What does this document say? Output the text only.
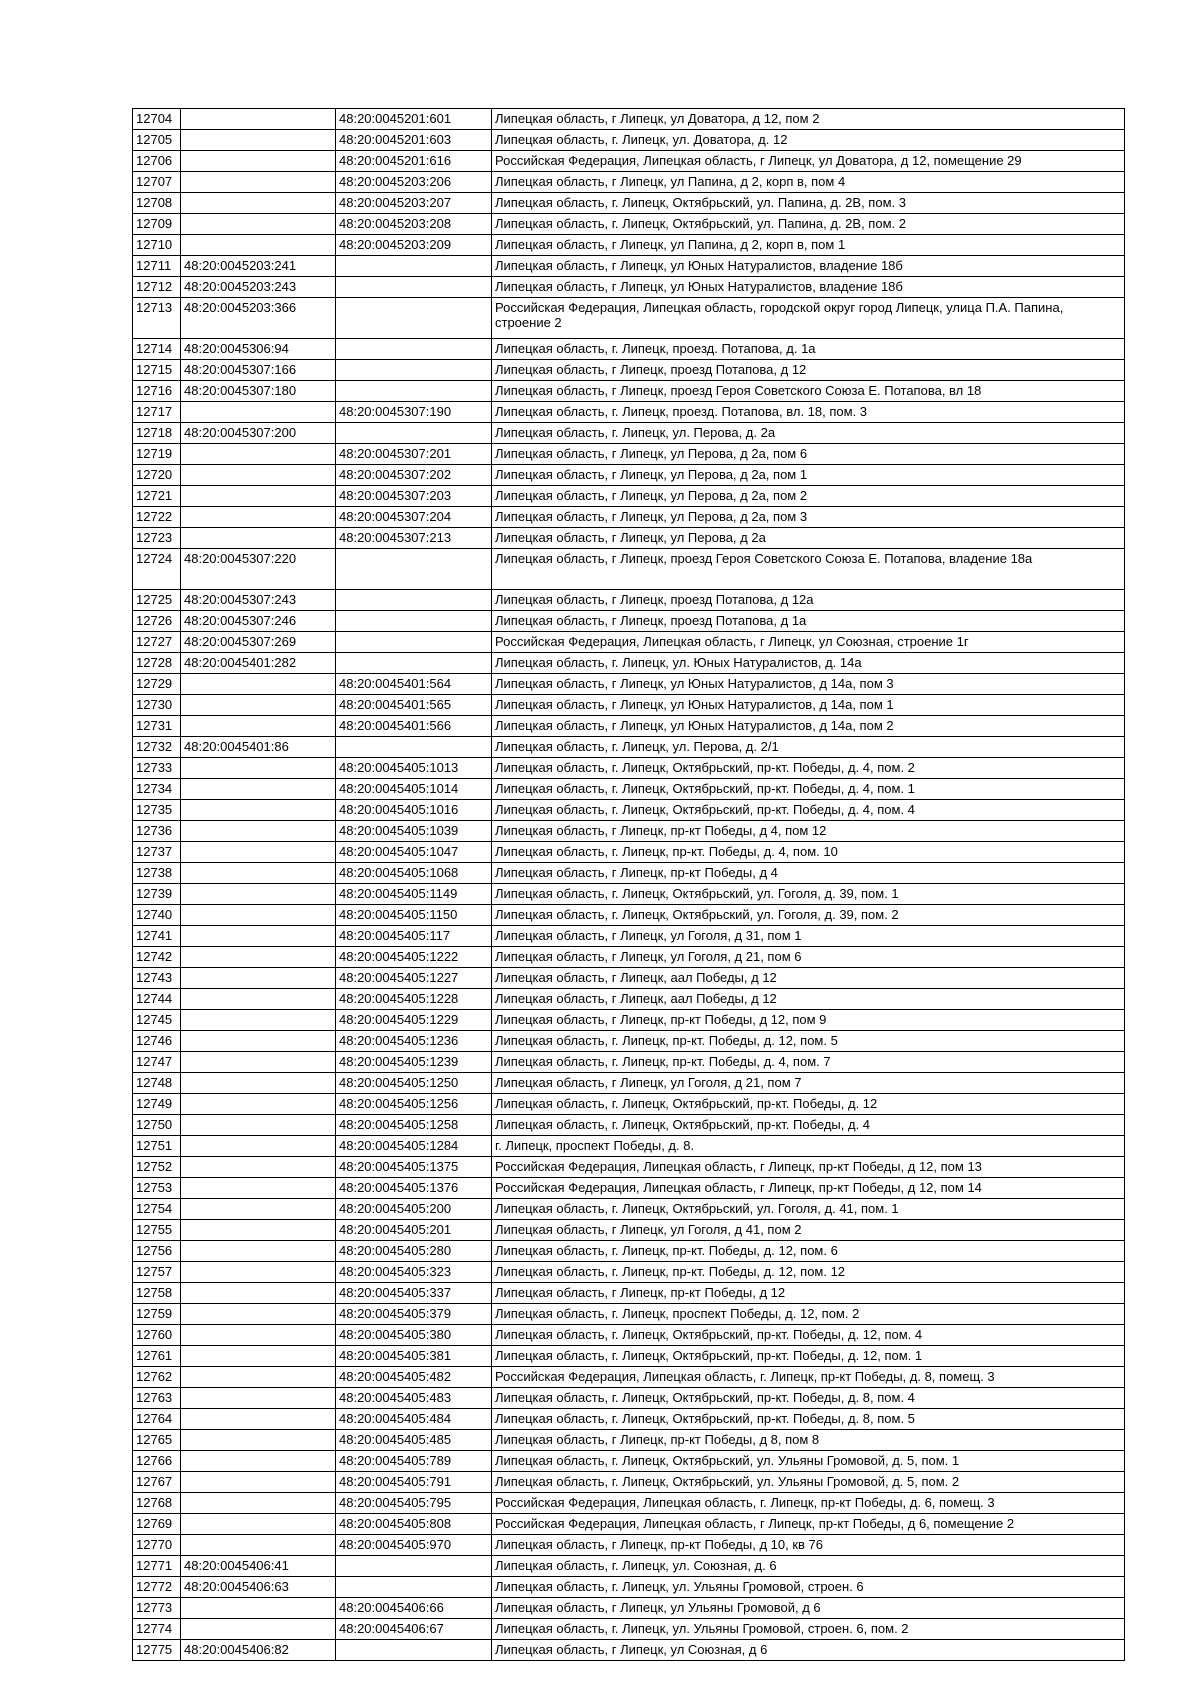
12704		48:20:0045201:601	Липецкая область, г Липецк, ул Доватора, д 12, пом 2
12705		48:20:0045201:603	Липецкая область, г. Липецк, ул. Доватора, д. 12
12706		48:20:0045201:616	Российская Федерация, Липецкая область, г Липецк, ул Доватора, д 12, помещение 29
12707		48:20:0045203:206	Липецкая область, г Липецк, ул Папина, д 2, корп в, пом 4
12708		48:20:0045203:207	Липецкая область, г. Липецк, Октябрьский, ул. Папина, д. 2В, пом. 3
12709		48:20:0045203:208	Липецкая область, г. Липецк, Октябрьский, ул. Папина, д. 2В, пом. 2
12710		48:20:0045203:209	Липецкая область, г Липецк, ул Папина, д 2, корп в, пом 1
12711	48:20:0045203:241		Липецкая область, г Липецк, ул Юных Натуралистов, владение 18б
12712	48:20:0045203:243		Липецкая область, г Липецк, ул Юных Натуралистов, владение 18б
12713	48:20:0045203:366		Российская Федерация, Липецкая область, городской округ город Липецк, улица П.А. Папина, строение 2
12714	48:20:0045306:94		Липецкая область, г. Липецк, проезд. Потапова, д. 1а
12715	48:20:0045307:166		Липецкая область, г Липецк, проезд Потапова, д 12
12716	48:20:0045307:180		Липецкая область, г Липецк, проезд Героя Советского Союза Е. Потапова, вл 18
12717		48:20:0045307:190	Липецкая область, г. Липецк, проезд. Потапова, вл. 18, пом. 3
12718	48:20:0045307:200		Липецкая область, г. Липецк, ул. Перова, д. 2а
12719		48:20:0045307:201	Липецкая область, г Липецк, ул Перова, д 2а, пом 6
12720		48:20:0045307:202	Липецкая область, г Липецк, ул Перова, д 2а, пом 1
12721		48:20:0045307:203	Липецкая область, г Липецк, ул Перова, д 2а, пом 2
12722		48:20:0045307:204	Липецкая область, г Липецк, ул Перова, д 2а, пом 3
12723		48:20:0045307:213	Липецкая область, г Липецк, ул Перова, д 2а
12724	48:20:0045307:220		Липецкая область, г Липецк, проезд Героя Советского Союза Е. Потапова, владение 18а
12725	48:20:0045307:243		Липецкая область, г Липецк, проезд Потапова, д 12а
12726	48:20:0045307:246		Липецкая область, г Липецк, проезд Потапова, д 1а
12727	48:20:0045307:269		Российская Федерация, Липецкая область, г Липецк, ул Союзная, строение 1г
12728	48:20:0045401:282		Липецкая область, г. Липецк, ул. Юных Натуралистов, д. 14а
12729		48:20:0045401:564	Липецкая область, г Липецк, ул Юных Натуралистов, д 14а, пом 3
12730		48:20:0045401:565	Липецкая область, г Липецк, ул Юных Натуралистов, д 14а, пом 1
12731		48:20:0045401:566	Липецкая область, г Липецк, ул Юных Натуралистов, д 14а, пом 2
12732	48:20:0045401:86		Липецкая область, г. Липецк, ул. Перова, д. 2/1
12733		48:20:0045405:1013	Липецкая область, г. Липецк, Октябрьский, пр-кт. Победы, д. 4, пом. 2
12734		48:20:0045405:1014	Липецкая область, г. Липецк, Октябрьский, пр-кт. Победы, д. 4, пом. 1
12735		48:20:0045405:1016	Липецкая область, г. Липецк, Октябрьский, пр-кт. Победы, д. 4, пом. 4
12736		48:20:0045405:1039	Липецкая область, г Липецк, пр-кт Победы, д 4, пом 12
12737		48:20:0045405:1047	Липецкая область, г. Липецк, пр-кт. Победы, д. 4, пом. 10
12738		48:20:0045405:1068	Липецкая область, г Липецк, пр-кт Победы, д 4
12739		48:20:0045405:1149	Липецкая область, г. Липецк, Октябрьский, ул. Гоголя, д. 39, пом. 1
12740		48:20:0045405:1150	Липецкая область, г. Липецк, Октябрьский, ул. Гоголя, д. 39, пом. 2
12741		48:20:0045405:117	Липецкая область, г Липецк, ул Гоголя, д 31, пом 1
12742		48:20:0045405:1222	Липецкая область, г Липецк, ул Гоголя, д 21, пом 6
12743		48:20:0045405:1227	Липецкая область, г Липецк, аал Победы, д 12
12744		48:20:0045405:1228	Липецкая область, г Липецк, аал Победы, д 12
12745		48:20:0045405:1229	Липецкая область, г Липецк, пр-кт Победы, д 12, пом 9
12746		48:20:0045405:1236	Липецкая область, г. Липецк, пр-кт. Победы, д. 12, пом. 5
12747		48:20:0045405:1239	Липецкая область, г. Липецк, пр-кт. Победы, д. 4, пом. 7
12748		48:20:0045405:1250	Липецкая область, г Липецк, ул Гоголя, д 21, пом 7
12749		48:20:0045405:1256	Липецкая область, г. Липецк, Октябрьский, пр-кт. Победы, д. 12
12750		48:20:0045405:1258	Липецкая область, г. Липецк, Октябрьский, пр-кт. Победы, д. 4
12751		48:20:0045405:1284	г. Липецк, проспект Победы, д. 8.
12752		48:20:0045405:1375	Российская Федерация, Липецкая область, г Липецк, пр-кт Победы, д 12, пом 13
12753		48:20:0045405:1376	Российская Федерация, Липецкая область, г Липецк, пр-кт Победы, д 12, пом 14
12754		48:20:0045405:200	Липецкая область, г. Липецк, Октябрьский, ул. Гоголя, д. 41, пом. 1
12755		48:20:0045405:201	Липецкая область, г Липецк, ул Гоголя, д 41, пом 2
12756		48:20:0045405:280	Липецкая область, г. Липецк, пр-кт. Победы, д. 12, пом. 6
12757		48:20:0045405:323	Липецкая область, г. Липецк, пр-кт. Победы, д. 12, пом. 12
12758		48:20:0045405:337	Липецкая область, г Липецк, пр-кт Победы, д 12
12759		48:20:0045405:379	Липецкая область, г. Липецк, проспект Победы, д. 12, пом. 2
12760		48:20:0045405:380	Липецкая область, г. Липецк, Октябрьский, пр-кт. Победы, д. 12, пом. 4
12761		48:20:0045405:381	Липецкая область, г. Липецк, Октябрьский, пр-кт. Победы, д. 12, пом. 1
12762		48:20:0045405:482	Российская Федерация, Липецкая область, г. Липецк, пр-кт Победы, д. 8, помещ. 3
12763		48:20:0045405:483	Липецкая область, г. Липецк, Октябрьский, пр-кт. Победы, д. 8, пом. 4
12764		48:20:0045405:484	Липецкая область, г. Липецк, Октябрьский, пр-кт. Победы, д. 8, пом. 5
12765		48:20:0045405:485	Липецкая область, г Липецк, пр-кт Победы, д 8, пом 8
12766		48:20:0045405:789	Липецкая область, г. Липецк, Октябрьский, ул. Ульяны Громовой, д. 5, пом. 1
12767		48:20:0045405:791	Липецкая область, г. Липецк, Октябрьский, ул. Ульяны Громовой, д. 5, пом. 2
12768		48:20:0045405:795	Российская Федерация, Липецкая область, г. Липецк, пр-кт Победы, д. 6, помещ. 3
12769		48:20:0045405:808	Российская Федерация, Липецкая область, г Липецк, пр-кт Победы, д 6, помещение 2
12770		48:20:0045405:970	Липецкая область, г Липецк, пр-кт Победы, д 10, кв 76
12771	48:20:0045406:41		Липецкая область, г. Липецк, ул. Союзная, д. 6
12772	48:20:0045406:63		Липецкая область, г. Липецк, ул. Ульяны Громовой, строен. 6
12773		48:20:0045406:66	Липецкая область, г Липецк, ул Ульяны Громовой, д 6
12774		48:20:0045406:67	Липецкая область, г. Липецк, ул. Ульяны Громовой, строен. 6, пом. 2
12775	48:20:0045406:82		Липецкая область, г Липецк, ул Союзная, д 6
